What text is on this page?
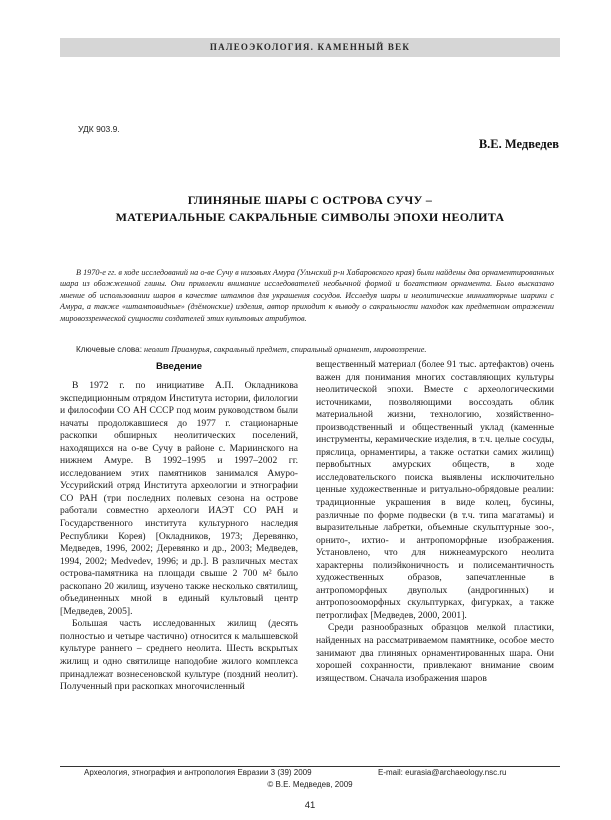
ПАЛЕОЭКОЛОГИЯ. КАМЕННЫЙ ВЕК
УДК 903.9.
В.Е. Медведев
ГЛИНЯНЫЕ ШАРЫ С ОСТРОВА СУЧУ –
МАТЕРИАЛЬНЫЕ САКРАЛЬНЫЕ СИМВОЛЫ ЭПОХИ НЕОЛИТА
В 1970-е гг. в ходе исследований на о-ве Сучу в низовьях Амура (Ульчский р-н Хабаровского края) были найдены два орнаментированных шара из обожженной глины. Они привлекли внимание исследователей необычной формой и богатством орнамента. Было высказано мнение об использовании шаров в качестве штампов для украшения сосудов. Исследуя шары и неолитические миниатюрные шарики с Амура, а также «штамповидные» (дзёмонские) изделия, автор приходит к выводу о сакральности находок как предметном отражении мировоззренческой сущности создателей этих культовых атрибутов.
Ключевые слова: неолит Приамурья, сакральный предмет, спиральный орнамент, мировоззрение.
Введение

В 1972 г. по инициативе А.П. Окладникова экспедиционным отрядом Института истории, филологии и философии СО АН СССР под моим руководством были начаты продолжавшиеся до 1977 г. стационарные раскопки обширных неолитических поселений, находящихся на о-ве Сучу в районе с. Мариинского на нижнем Амуре. В 1992–1995 и 1997–2002 гг. исследованием этих памятников занимался Амуро-Уссурийский отряд Института археологии и этнографии СО РАН (три последних полевых сезона на острове работали совместно археологи ИАЭТ СО РАН и Государственного института культурного наследия Республики Корея) [Окладников, 1973; Деревянко, Медведев, 1996, 2002; Деревянко и др., 2003; Медведев, 1994, 2002; Medvedev, 1996; и др.]. В различных местах острова-памятника на площади свыше 2 700 м² было раскопано 20 жилищ, изучено также несколько святилищ, объединенных мной в единый культовый центр [Медведев, 2005].

Большая часть исследованных жилищ (десять полностью и четыре частично) относится к малышевской культуре раннего – среднего неолита. Шесть вскрытых жилищ и одно святилище наподобие жилого комплекса принадлежат вознесеновской культуре (поздний неолит). Полученный при раскопках многочисленный

вещественный материал (более 91 тыс. артефактов) очень важен для понимания многих составляющих культуры неолитической эпохи. Вместе с археологическими источниками, позволяющими воссоздать облик материальной жизни, технологию, хозяйственно-производственный и общественный уклад (каменные инструменты, керамические изделия, в т.ч. целые сосуды, пряслица, орнаментиры, а также остатки самих жилищ) первобытных амурских обществ, в ходе исследовательского поиска выявлены исключительно ценные художественные и ритуально-обрядовые реалии: традиционные украшения в виде колец, бусины, различные по форме подвески (в т.ч. типа магатамы) и выразительные лабретки, объемные скульптурные зоо-, орнито-, ихтио- и антропоморфные изображения. Установлено, что для нижнеамурского неолита характерны полиэйконичность и полисемантичность художественных образов, запечатленные в антропоморфных двуполых (андрогинных) и антропозооморфных скульптурках, фигурках, а также петроглифах [Медведев, 2000, 2001].

Среди разнообразных образцов мелкой пластики, найденных на рассматриваемом памятнике, особое место занимают два глиняных орнаментированных шара. Они хорошей сохранности, привлекают внимание своим изяществом. Сначала изображения шаров

Археология, этнография и антропология Евразии 3 (39) 2009	E-mail: eurasia@archaeology.nsc.ru
© В.Е. Медведев, 2009
41
